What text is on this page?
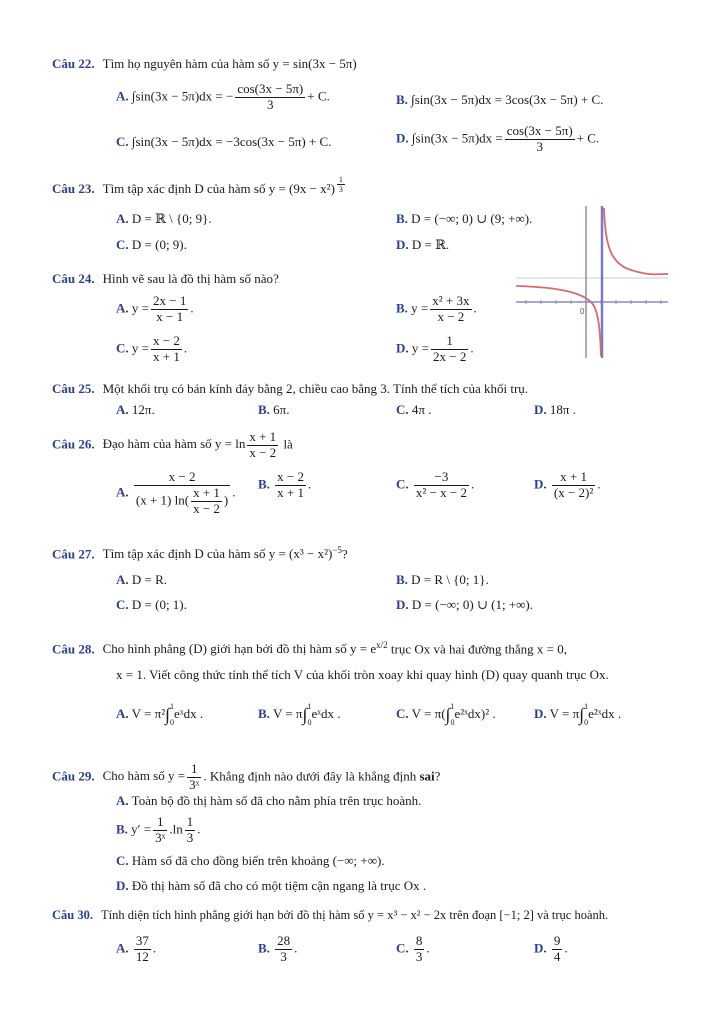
Câu 22. Tìm họ nguyên hàm của hàm số y = sin(3x − 5π)
A. ∫sin(3x − 5π)dx = − $\frac{\cos(3x - 5\pi)}{3} + C$.	B. ∫sin(3x − 5π)dx = 3cos(3x − 5π) + C.
C. ∫sin(3x − 5π)dx = −3cos(3x − 5π) + C.	D. $\int\sin(3x - 5\pi)dx = \frac{\cos(3x - 5\pi)}{3} + C$.
Câu 23. Tìm tập xác định D của hàm số $y = (9x - x^2) \frac{1}{3}$
A. D = ℝ \ {0; 9}.	B. D = (−∞; 0) ∪ (9; +∞).
C. D = (0; 9).	D. D = ℝ.
Câu 24. Hình vẽ sau là đồ thị hàm số nào?
A. $y = \frac{2x - 1}{x - 1}$ .	B. $y = \frac{\text{x² + 3x}}{x - 2}$ .
C. $y = \frac{x - 2}{x + 1}$ .	D. $y = \frac{1}{2x - 2}$ .
0
Câu 25. Một khối trụ có bán kính đáy bằng 2, chiều cao bằng 3. Tính thể tích của khối trụ.
A. 12π.	B. 6π.	C. 4π .	D. 18π .
Câu 26. Đạo hàm của hàm số $y = \ln \frac{x + 1}{x - 2}$ là
A. $\frac{x - 2}{(x + 1) \ln( \frac{x + 1}{x - 2} )}$ .
B. $\frac{x - 2}{x + 1}$ .	C. $\frac{-3}{\text{x² − x − 2}}$ .	D. $\frac{x + 1}{\text{(x − 2)²}}$ .
Câu 27. Tìm tập xác định D của hàm số $y = (x^3 - x^2)^{-5}$?
A. D = R.	B. D = R \ {0; 1}.
C. D = (0; 1).	D. D = (−∞; 0) ∪ (1; +∞).
Câu 28. Cho hình phẳng (D) giới hạn bởi đồ thị hàm số $y = e^{x/2}$ trục Ox và hai đường thẳng x = 0,
x = 1. Viết công thức tính thể tích V của khối tròn xoay khi quay hình (D) quay quanh trục Ox.
A. V = π²∫1

0eˣdx .	B. V = π∫1

0eˣdx .	C. V = π(∫1

0e²ˣdx)² .	D. V = π∫1

0e²ˣdx .
Câu 29. Cho hàm số $y = \frac{1}{\text{3ˣ}}$ . Khẳng định nào dưới đây là khẳng định sai?
A. Toàn bộ đồ thị hàm số đã cho nằm phía trên trục hoành.
B. $y' = \frac{1}{\text{3ˣ}} .\ln \frac{1}{3}$ .
C. Hàm số đã cho đồng biến trên khoảng (−∞; +∞).
D. Đồ thị hàm số đã cho có một tiệm cận ngang là trục Ox .
Câu 30. Tính diện tích hình phẳng giới hạn bởi đồ thị hàm số y = x³ − x² − 2x trên đoạn [−1; 2] và trục hoành.
A. $\frac{37}{12}$ .	B. $\frac{28}{3}$ .	C. $\frac{8}{3}$ .	D. $\frac{9}{4}$ .
